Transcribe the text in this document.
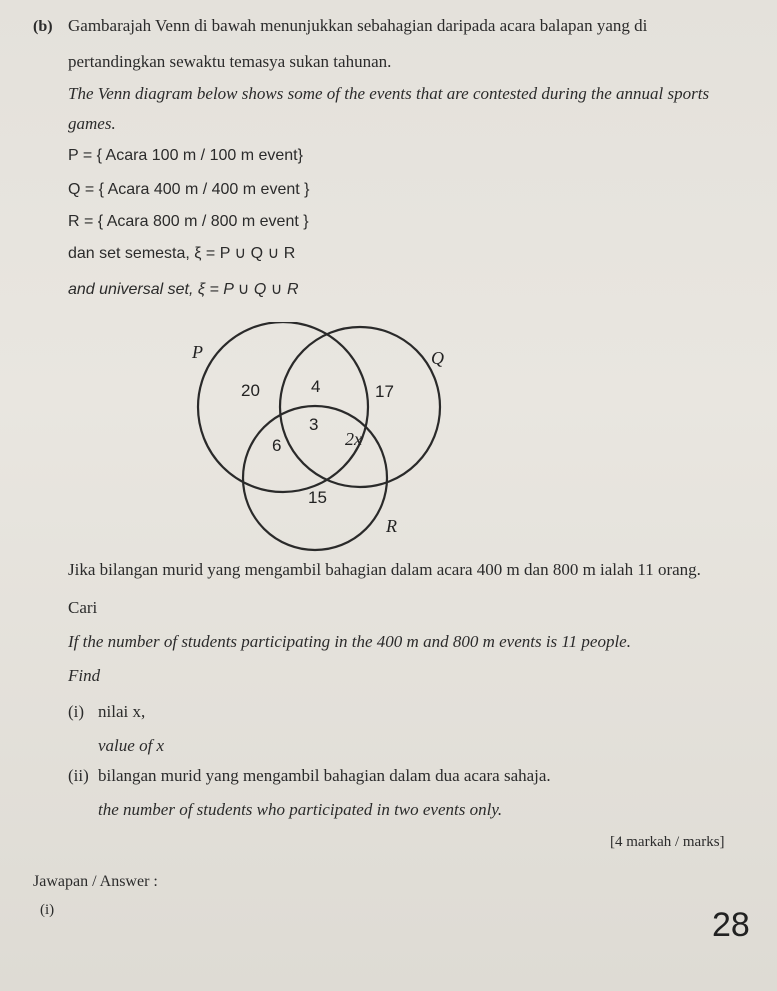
(b) Gambarajah Venn di bawah menunjukkan sebahagian daripada acara balapan yang di
pertandingkan sewaktu temasya sukan tahunan.
The Venn diagram below shows some of the events that are contested during the annual sports
games.
P = { Acara 100 m / 100 m event}
Q = { Acara 400 m / 400 m event }
R = { Acara 800 m / 800 m event }
dan set semesta, ξ = P ∪ Q ∪ R
and universal set, ξ = P ∪ Q ∪ R
P	Q
R
20	4	17
3
6	2x
15
Jika bilangan murid yang mengambil bahagian dalam acara 400 m dan 800 m ialah 11 orang.
Cari
If the number of students participating in the 400 m and 800 m events is 11 people.
Find
(i) nilai x,
value of x
(ii) bilangan murid yang mengambil bahagian dalam dua acara sahaja.
the number of students who participated in two events only.
[4 markah / marks]
Jawapan / Answer :
(i)	28
